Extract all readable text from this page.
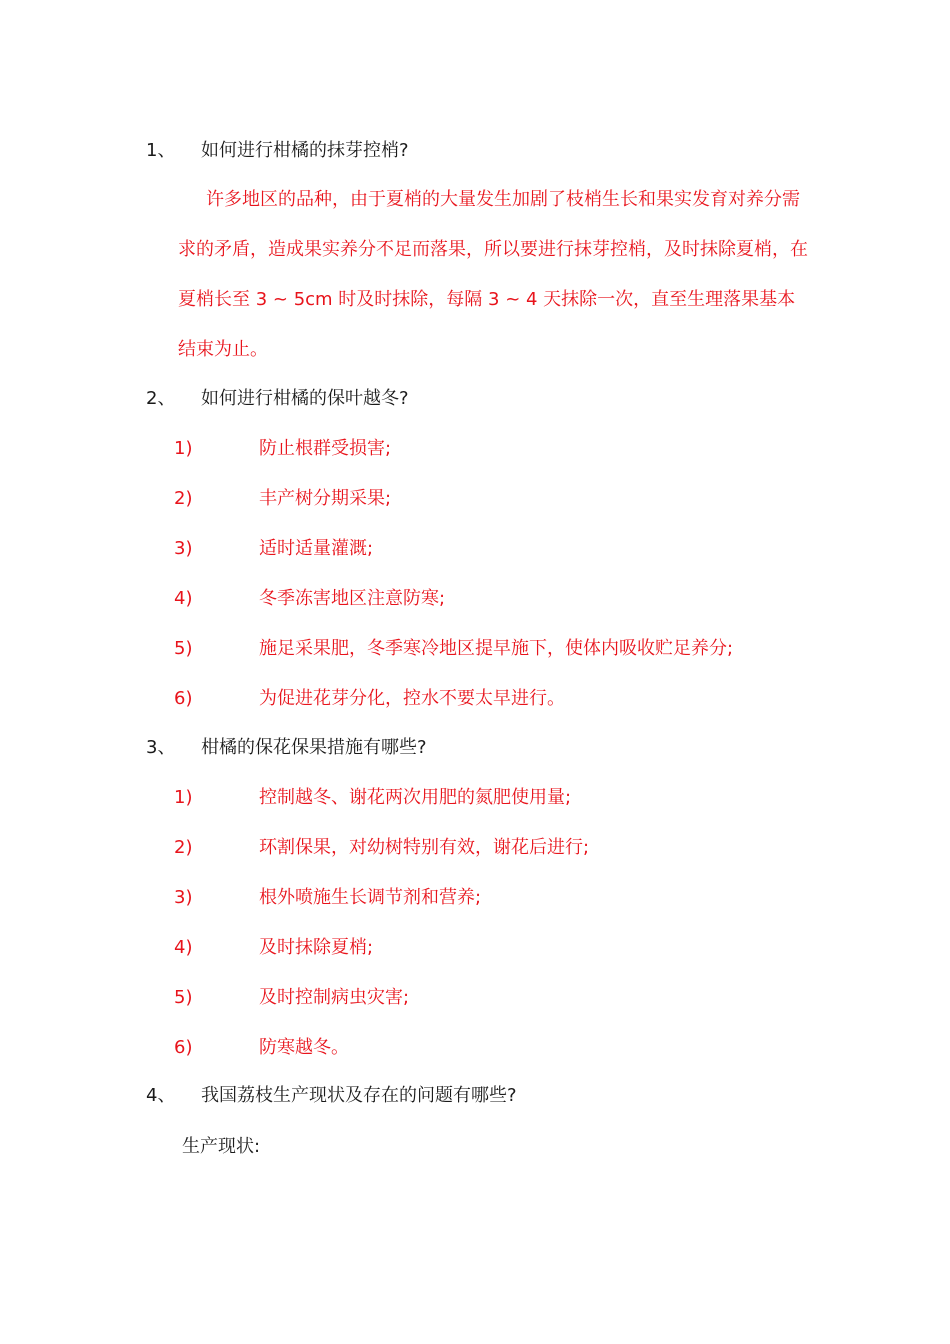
1、 如何进行柑橘的抹芽控梢?
许多地区的品种，由于夏梢的大量发生加剧了枝梢生长和果实发育对养分需求的矛盾，造成果实养分不足而落果，所以要进行抹芽控梢，及时抹除夏梢，在夏梢长至 3 ~ 5cm 时及时抹除，每隔 3 ~ 4 天抹除一次，直至生理落果基本结束为止。
2、 如何进行柑橘的保叶越冬?
1)	防止根群受损害;
2)	丰产树分期采果;
3)	适时适量灌溉;
4)	冬季冻害地区注意防寒;
5)	施足采果肥，冬季寒冷地区提早施下，使体内吸收贮足养分;
6)	为促进花芽分化，控水不要太早进行。
3、 柑橘的保花保果措施有哪些?
1)	控制越冬、谢花两次用肥的氮肥使用量;
2)	环割保果，对幼树特别有效，谢花后进行;
3)	根外喷施生长调节剂和营养;
4)	及时抹除夏梢;
5)	及时控制病虫灾害;
6)	防寒越冬。
4、 我国荔枝生产现状及存在的问题有哪些?
生产现状:
